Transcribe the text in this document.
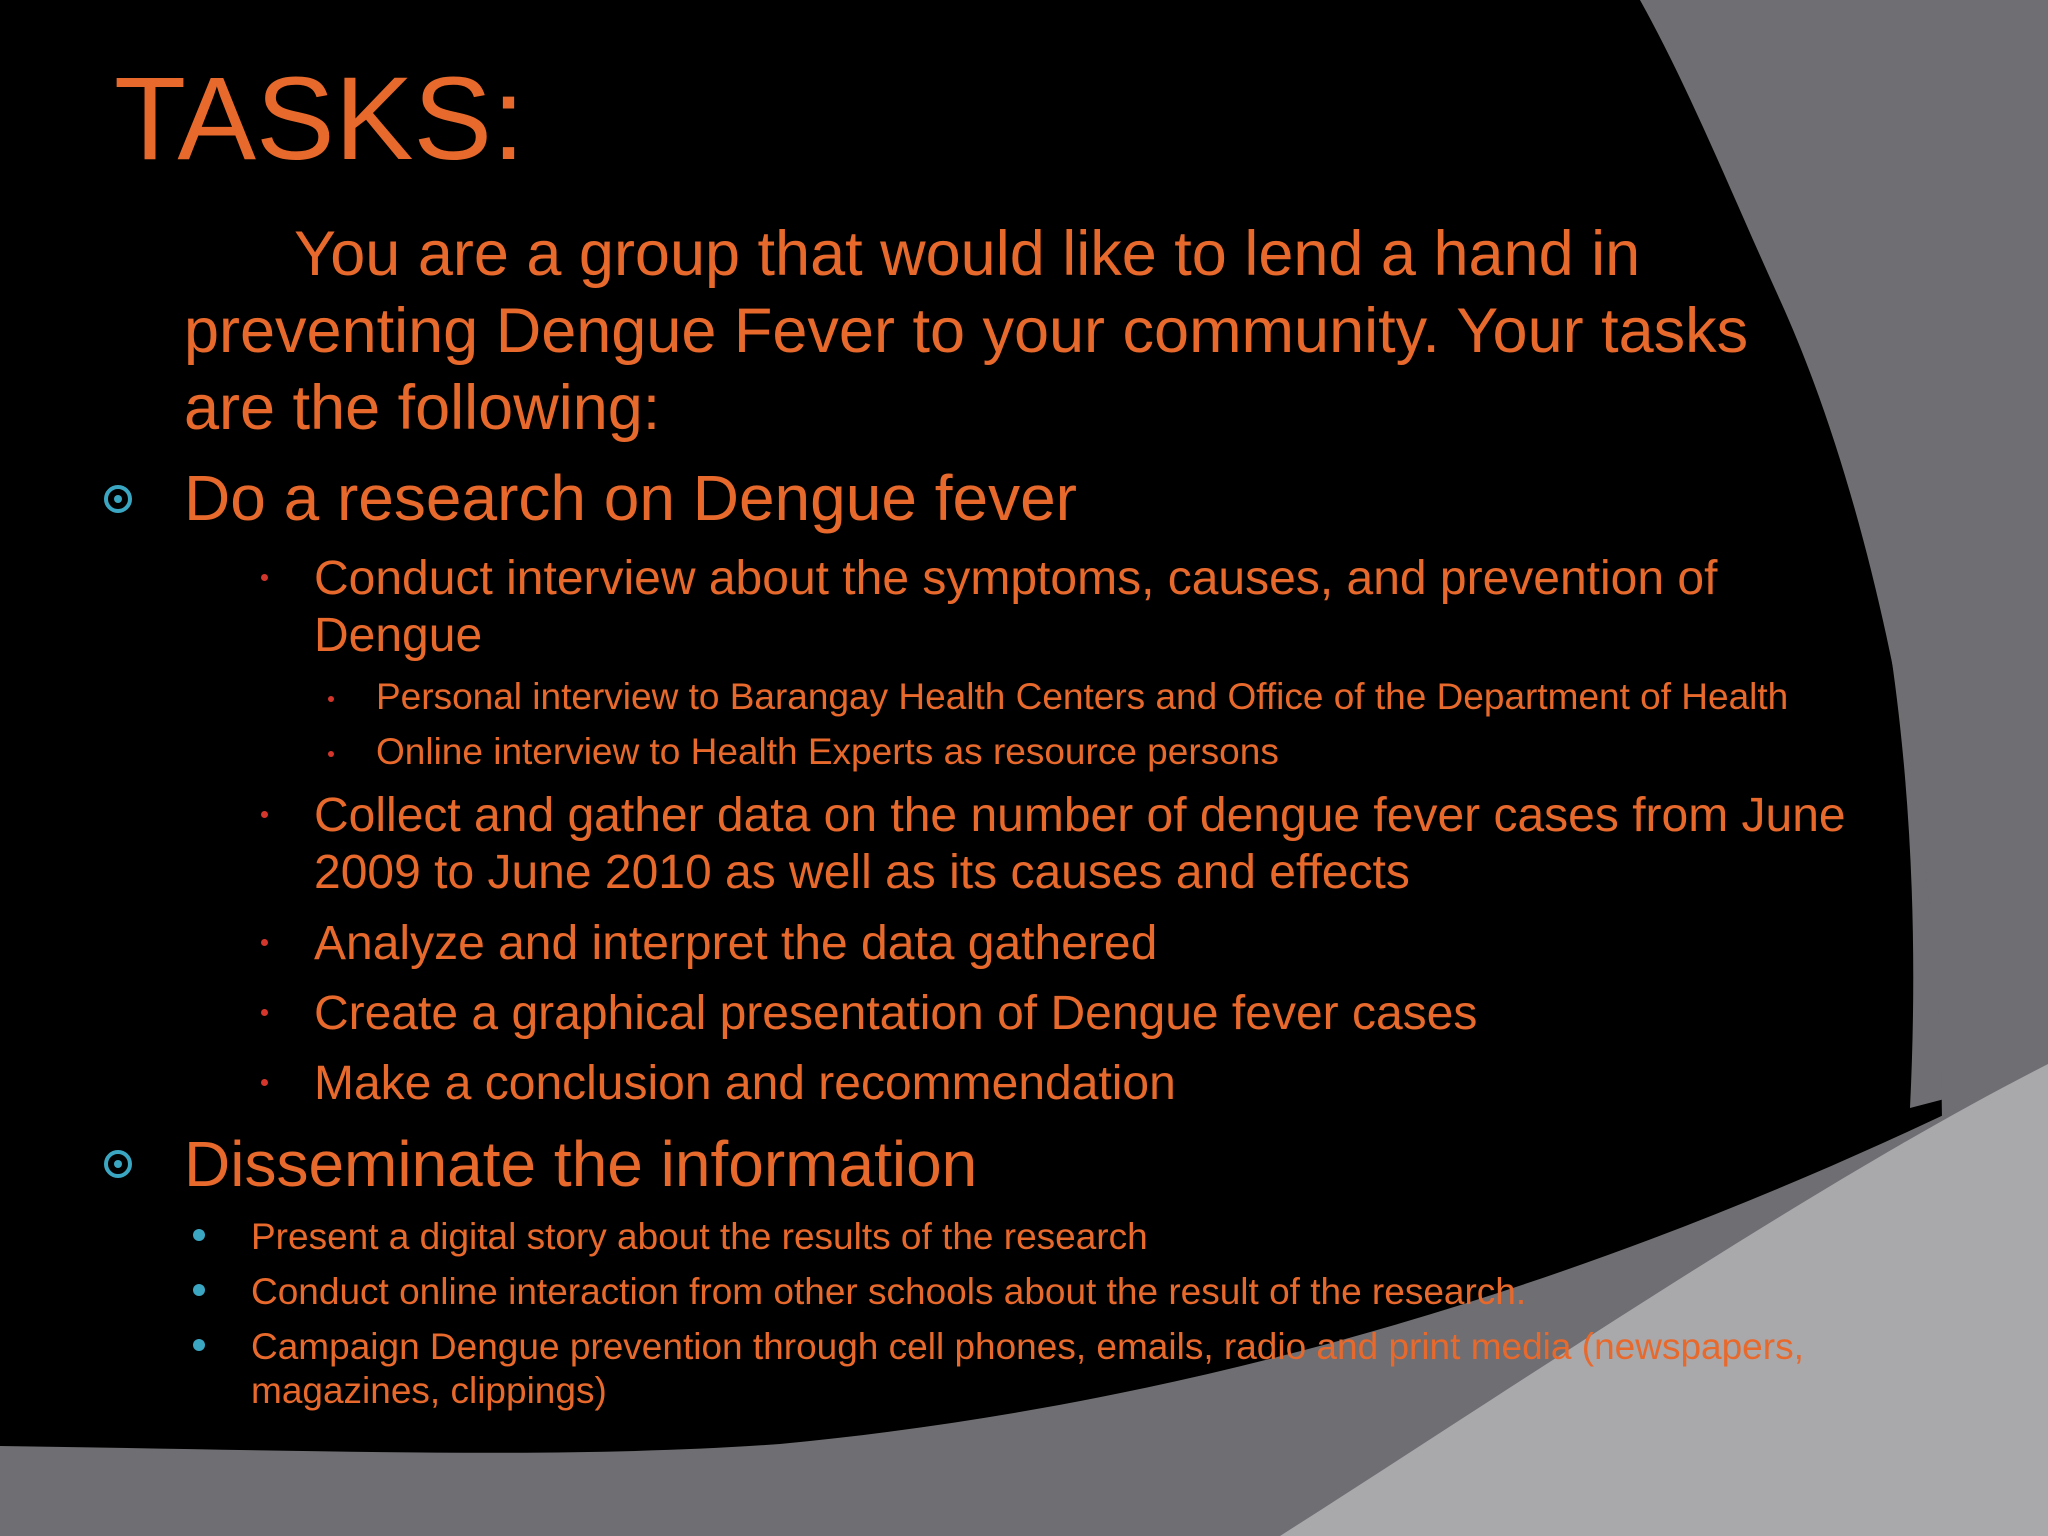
TASKS:
You are a group that would like to lend a hand in
preventing Dengue Fever to your community. Your tasks
are the following:
Do a research on Dengue fever
Conduct interview about the symptoms, causes, and prevention of
Dengue
Personal interview to Barangay Health Centers and Office of the Department of Health
Online interview to Health Experts as resource persons
Collect and gather data on the number of dengue fever cases from June
2009 to June 2010 as well as its causes and effects
Analyze and interpret the data gathered
Create a graphical presentation of Dengue fever cases
Make a conclusion and recommendation
Disseminate the information
Present a digital story about the results of the research
Conduct online interaction from other schools about the result of the research.
Campaign Dengue prevention through cell phones, emails, radio and print media (newspapers,
magazines, clippings)
